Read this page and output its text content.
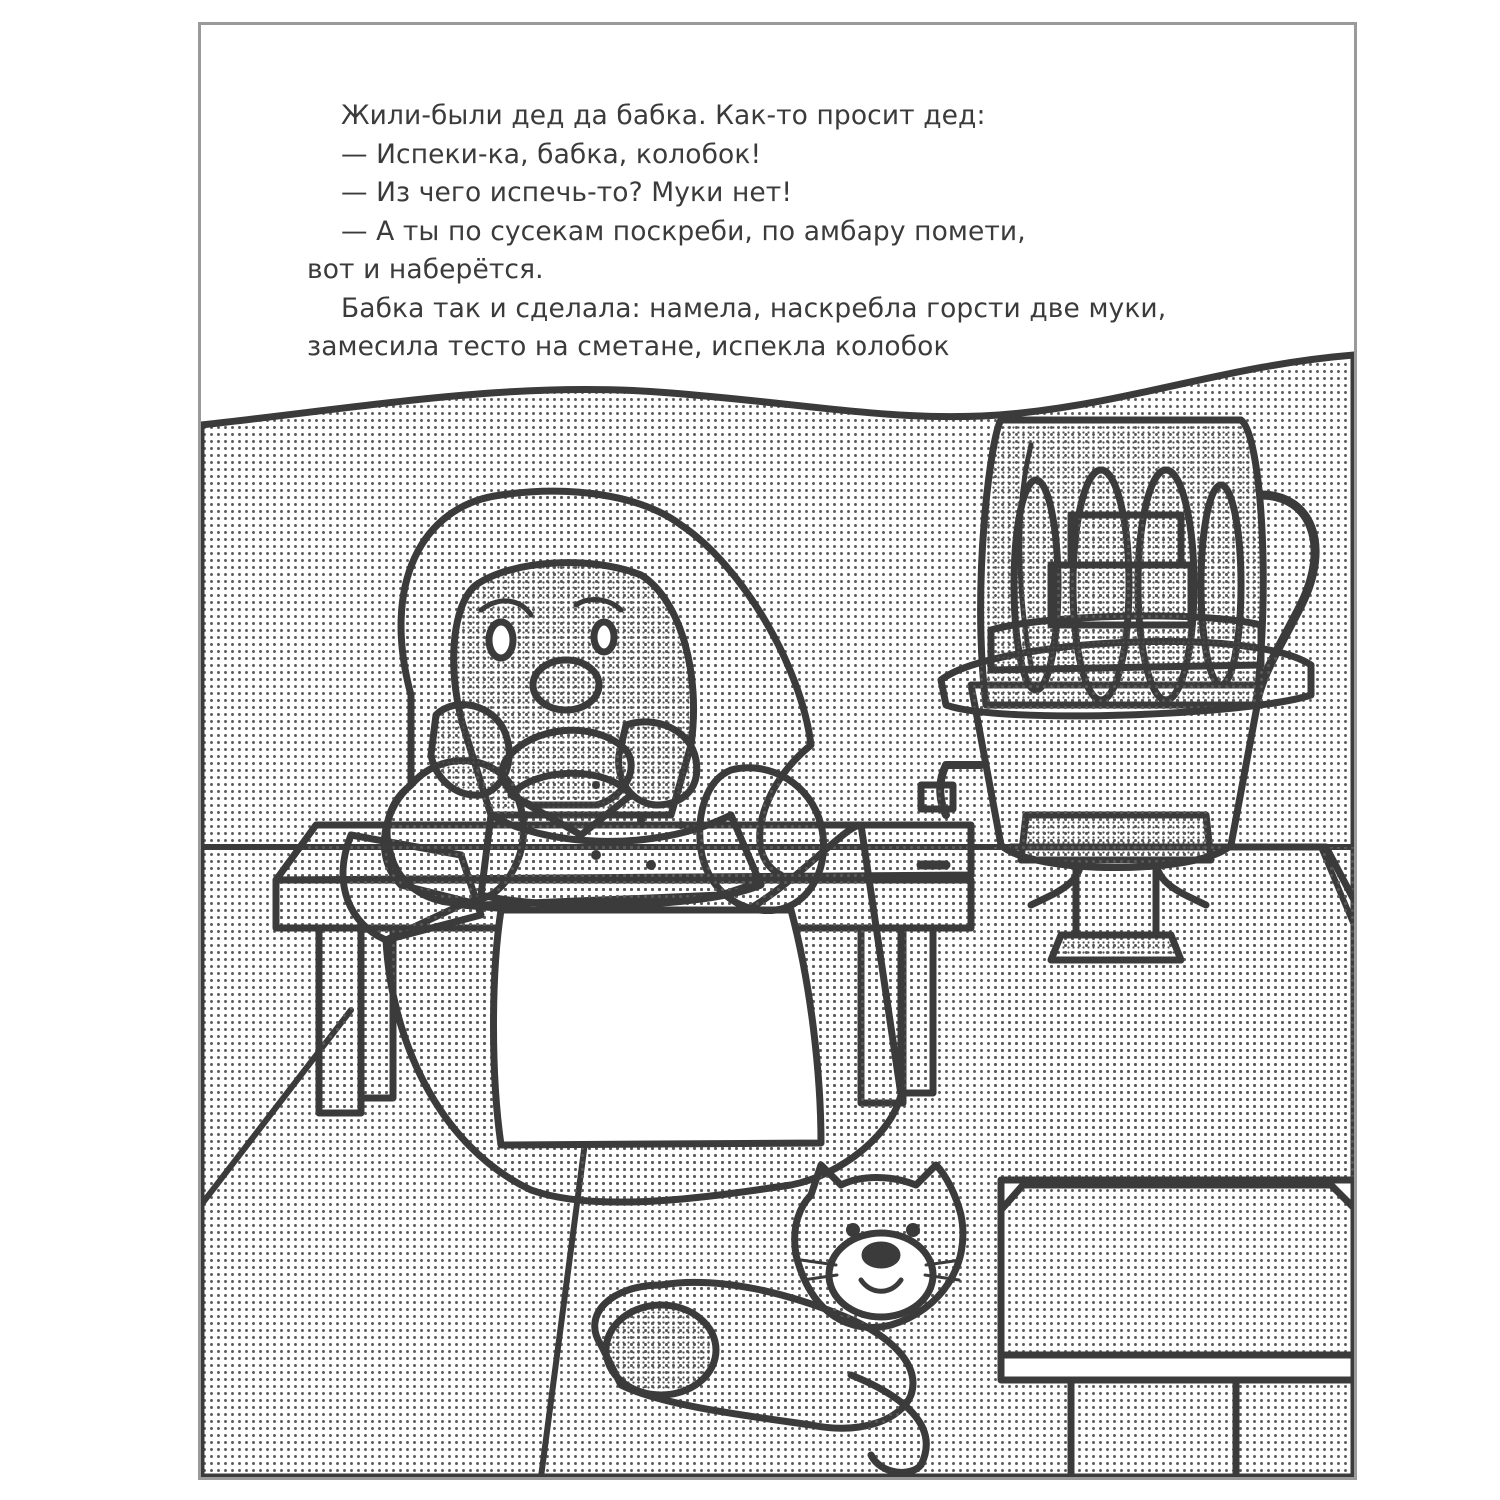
Жили-были дед да бабка. Как-то просит дед:

— Испеки-ка, бабка, колобок!

— Из чего испечь-то? Муки нет!

— А ты по сусекам поскреби, по амбару помети,

вот и наберётся.

Бабка так и сделала: намела, наскребла горсти две муки,

замесила тесто на сметане, испекла колобок
